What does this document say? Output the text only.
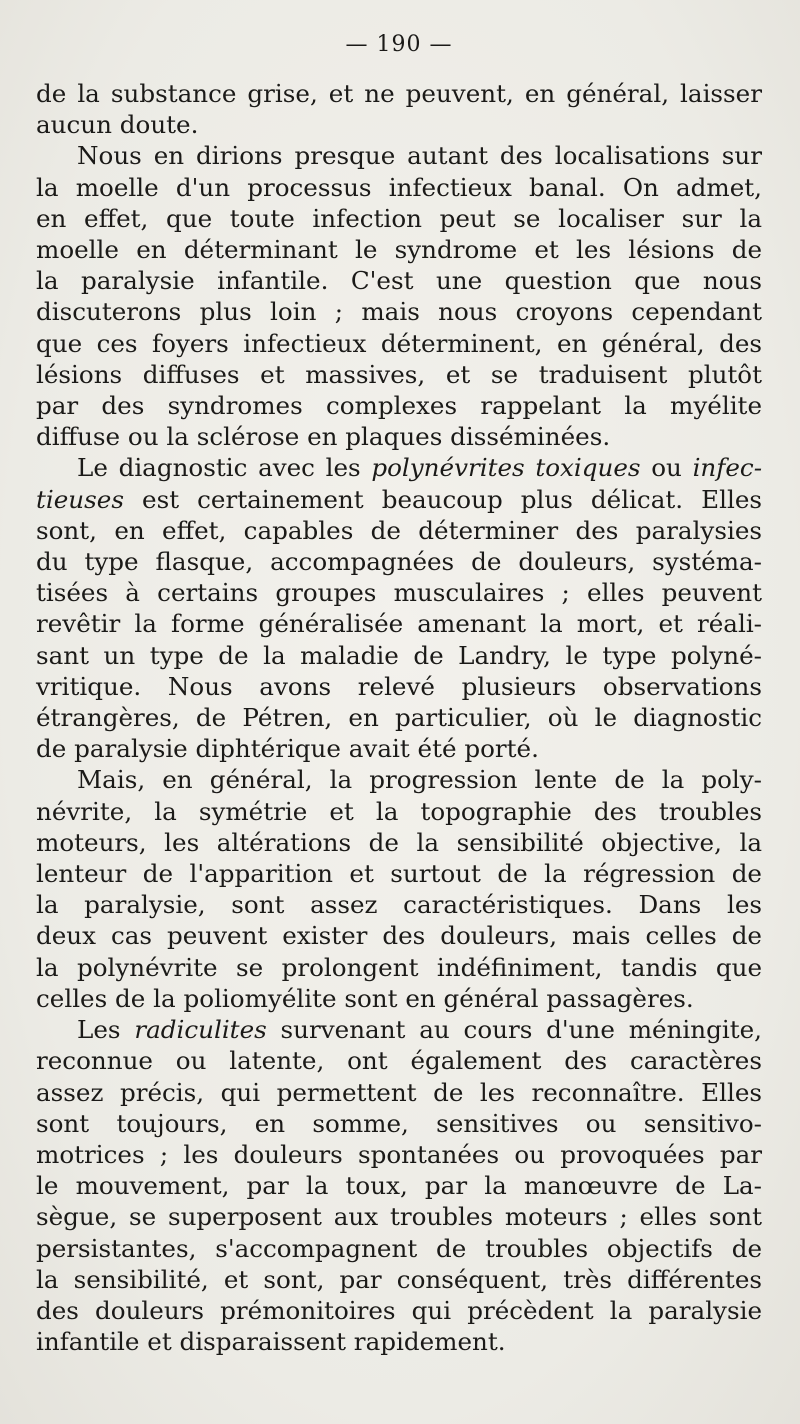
— 190 —

de la substance grise, et ne peuvent, en général, laisser
aucun doute.

Nous en dirions presque autant des localisations sur
la moelle d'un processus infectieux banal. On admet,
en effet, que toute infection peut se localiser sur la
moelle en déterminant le syndrome et les lésions de
la paralysie infantile. C'est une question que nous
discuterons plus loin ; mais nous croyons cependant
que ces foyers infectieux déterminent, en général, des
lésions diffuses et massives, et se traduisent plutôt
par des syndromes complexes rappelant la myélite
diffuse ou la sclérose en plaques disséminées.

Le diagnostic avec les polynévrites toxiques ou infec-
tieuses est certainement beaucoup plus délicat. Elles
sont, en effet, capables de déterminer des paralysies
du type flasque, accompagnées de douleurs, systéma-
tisées à certains groupes musculaires ; elles peuvent
revêtir la forme généralisée amenant la mort, et réali-
sant un type de la maladie de Landry, le type polyné-
vritique. Nous avons relevé plusieurs observations
étrangères, de Pétren, en particulier, où le diagnostic
de paralysie diphtérique avait été porté.

Mais, en général, la progression lente de la poly-
névrite, la symétrie et la topographie des troubles
moteurs, les altérations de la sensibilité objective, la
lenteur de l'apparition et surtout de la régression de
la paralysie, sont assez caractéristiques. Dans les
deux cas peuvent exister des douleurs, mais celles de
la polynévrite se prolongent indéfiniment, tandis que
celles de la poliomyélite sont en général passagères.

Les radiculites survenant au cours d'une méningite,
reconnue ou latente, ont également des caractères
assez précis, qui permettent de les reconnaître. Elles
sont toujours, en somme, sensitives ou sensitivo-
motrices ; les douleurs spontanées ou provoquées par
le mouvement, par la toux, par la manœuvre de La-
sègue, se superposent aux troubles moteurs ; elles sont
persistantes, s'accompagnent de troubles objectifs de
la sensibilité, et sont, par conséquent, très différentes
des douleurs prémonitoires qui précèdent la paralysie
infantile et disparaissent rapidement.
